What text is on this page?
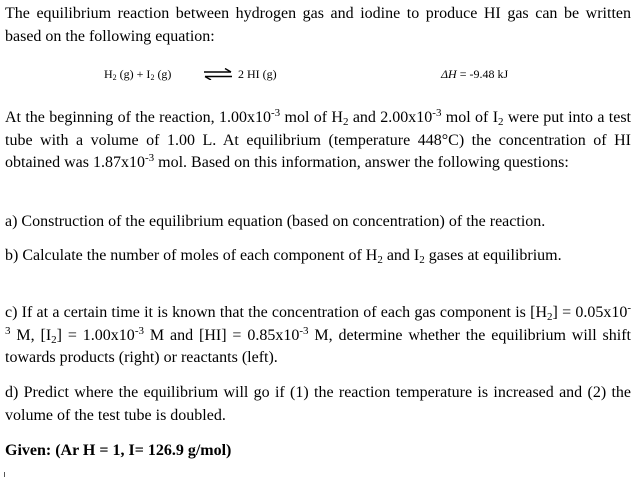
The equilibrium reaction between hydrogen gas and iodine to produce HI gas can be written based on the following equation:

$H_2$ $(g) + I_2$ (g)	⇌ 2 HI (g)	ΔH = -9.48 kJ

At the beginning of the reaction, $1.00x10^{-3}$ mol of $H_2$ and $2.00x10^{-3}$ mol of $I_2$ were put into a test tube with a volume of 1.00 L. At equilibrium (temperature 448°C) the concentration of HI obtained was $1.87x10^{-3}$ mol. Based on this information, answer the following questions:

a) Construction of the equilibrium equation (based on concentration) of the reaction.

b) Calculate the number of moles of each component of $H_2$ and $I_2$ gases at equilibrium.

c) If at a certain time it is known that the concentration of each gas component is $[H_2] = 0.05x10^{-3}$ M, $[I_2] = 1.00x10^{-3}$ M and $[HI] = 0.85x10^{-3}$ M, determine whether the equilibrium will shift towards products (right) or reactants (left).

d) Predict where the equilibrium will go if (1) the reaction temperature is increased and (2) the volume of the test tube is doubled.

Given: (Ar H = 1, I= 126.9 g/mol)
